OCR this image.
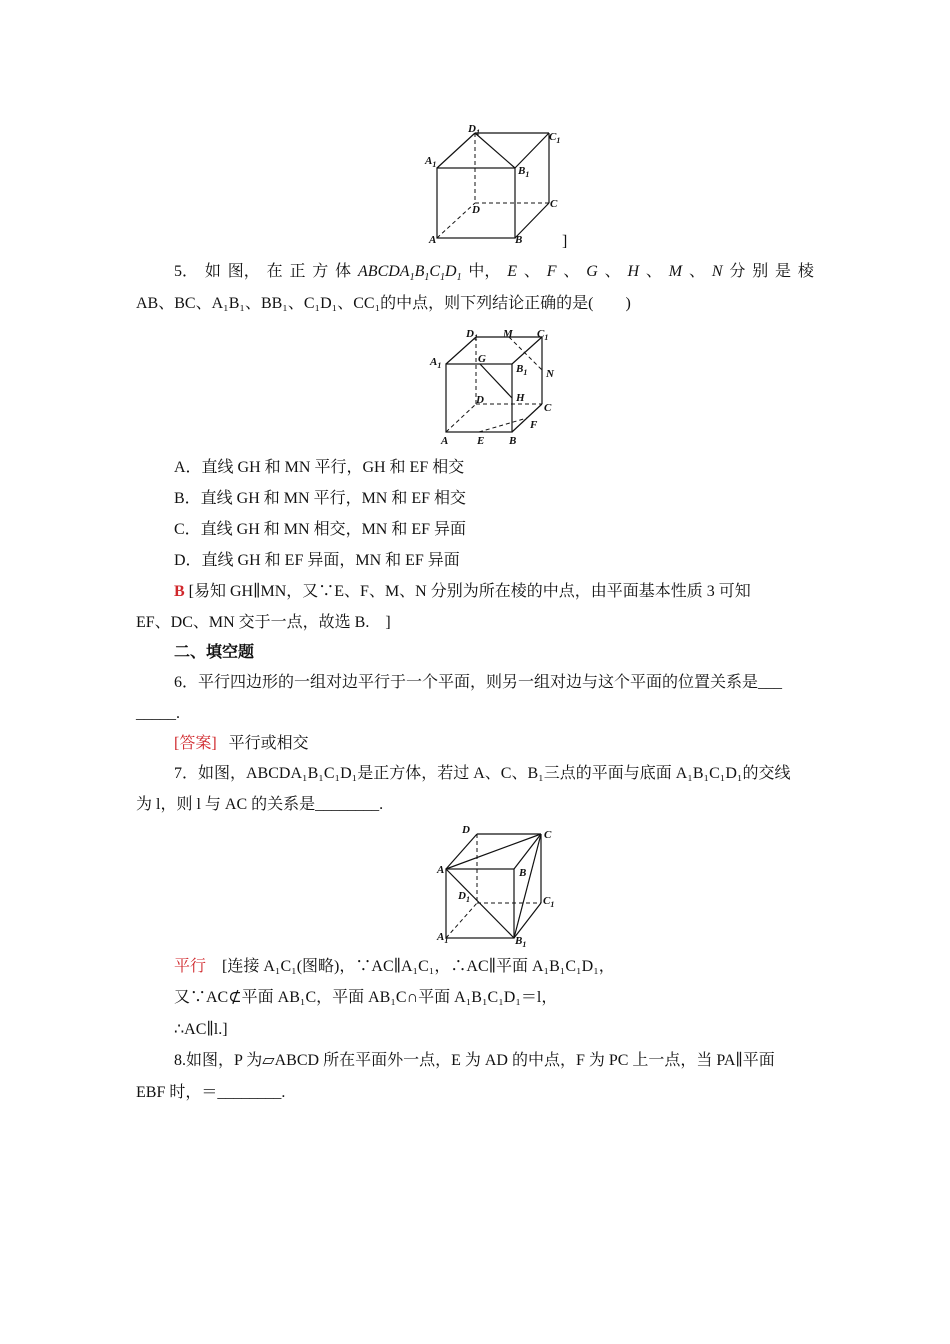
$D_1$	$C_1$
$A_1$
$B_1$
D	C
A	B ]
5． 如 图， 在 正 方 体 $ABCDA_1B_1C_1D_1$ 中， E 、 F 、 G 、 H 、 M 、 N 分 别 是 棱
AB、BC、A₁B₁、BB₁、C₁D₁、CC₁的中点，则下列结论正确的是(　　)
$D_1$ M $C_1$
$A_1$
G
$B_1$ N
D	H
C
A	E B
F
A．直线 GH 和 MN 平行，GH 和 EF 相交
B．直线 GH 和 MN 平行，MN 和 EF 相交
C．直线 GH 和 MN 相交，MN 和 EF 异面
D．直线 GH 和 EF 异面，MN 和 EF 异面
B [易知 GH∥MN，又∵E、F、M、N 分别为所在棱的中点，由平面基本性质 3 可知
EF、DC、MN 交于一点，故选 B.　]
二、填空题
6．平行四边形的一组对边平行于一个平面，则另一组对边与这个平面的位置关系是___
_____.
[答案] 平行或相交
7．如图，ABCDA₁B₁C₁D₁是正方体，若过 A、C、B₁三点的平面与底面 A₁B₁C₁D₁的交线
为 l，则 l 与 AC 的关系是________.
D	C
A	B
$D_1$	$C_1$
$A_1$	$B_1$
平行 [连接 A₁C₁(图略)，∵AC∥A₁C₁，∴AC∥平面 A₁B₁C₁D₁，
又∵AC⊄平面 AB₁C，平面 AB₁C∩平面 A₁B₁C₁D₁＝l，
∴AC∥l.]
8.如图，P 为▱ABCD 所在平面外一点，E 为 AD 的中点，F 为 PC 上一点，当 PA∥平面
EBF 时，＝________.
